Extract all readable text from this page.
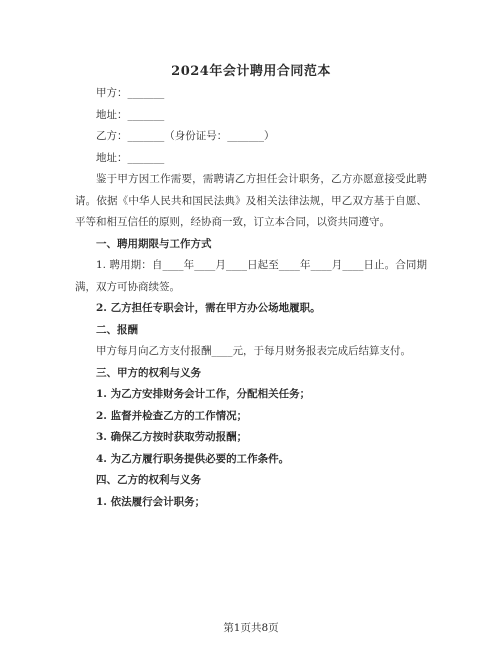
2024年会计聘用合同范本

甲方：_______

地址：_______

乙方：_______（身份证号：_______）

地址：_______

鉴于甲方因工作需要，需聘请乙方担任会计职务，乙方亦愿意接受此聘请。依据《中华人民共和国民法典》及相关法律法规，甲乙双方基于自愿、平等和相互信任的原则，经协商一致，订立本合同，以资共同遵守。

一、聘用期限与工作方式

1. 聘用期：自____年____月____日起至____年____月____日止。合同期满，双方可协商续签。

2. 乙方担任专职会计，需在甲方办公场地履职。

二、报酬

甲方每月向乙方支付报酬____元，于每月财务报表完成后结算支付。

三、甲方的权利与义务

1. 为乙方安排财务会计工作，分配相关任务；

2. 监督并检查乙方的工作情况；

3. 确保乙方按时获取劳动报酬；

4. 为乙方履行职务提供必要的工作条件。

四、乙方的权利与义务

1. 依法履行会计职务；

第1页共8页
